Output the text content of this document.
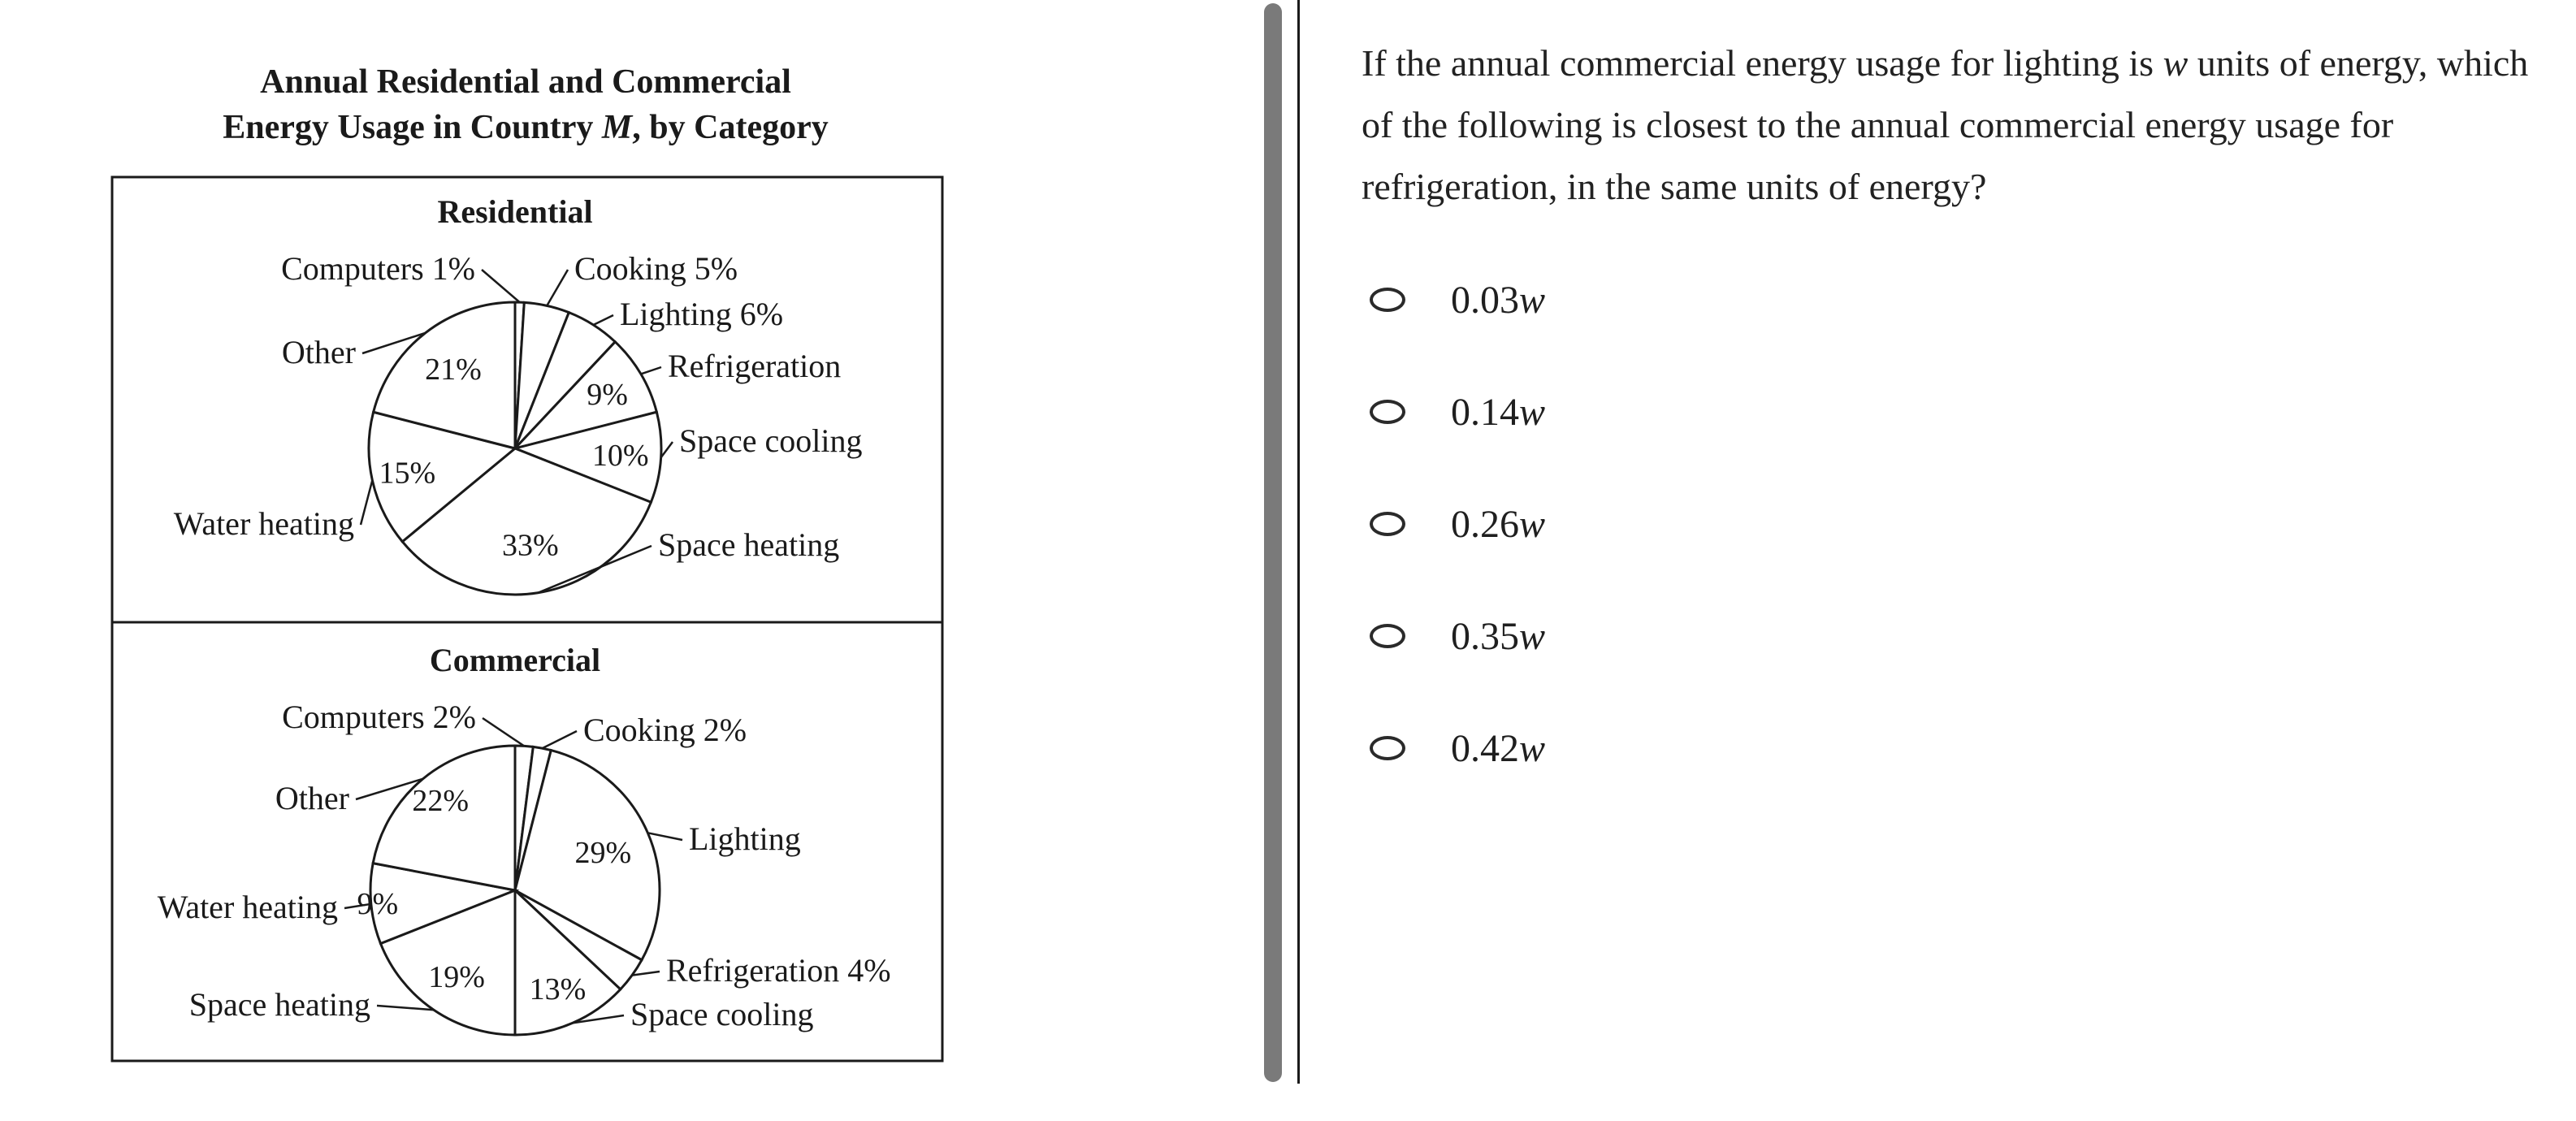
Annual Residential and Commercial
Energy Usage in Country M, by Category
Residential
Commercial
Computers 1%	Cooking 5%
Lighting 6%
9%
Refrigeration
10% Space cooling
33%	Space heating
15%
Water heating
21%
Other
Computers 2%	Cooking 2%
29% Lighting
Refrigeration 4%
13%
Space cooling
19%
Space heating
9%
Water heating
22%
Other

If the annual commercial energy usage for lighting is w units of energy, which of the following is closest to the annual commercial energy usage for refrigeration, in the same units of energy?

0.03w
0.14w
0.26w
0.35w
0.42w
